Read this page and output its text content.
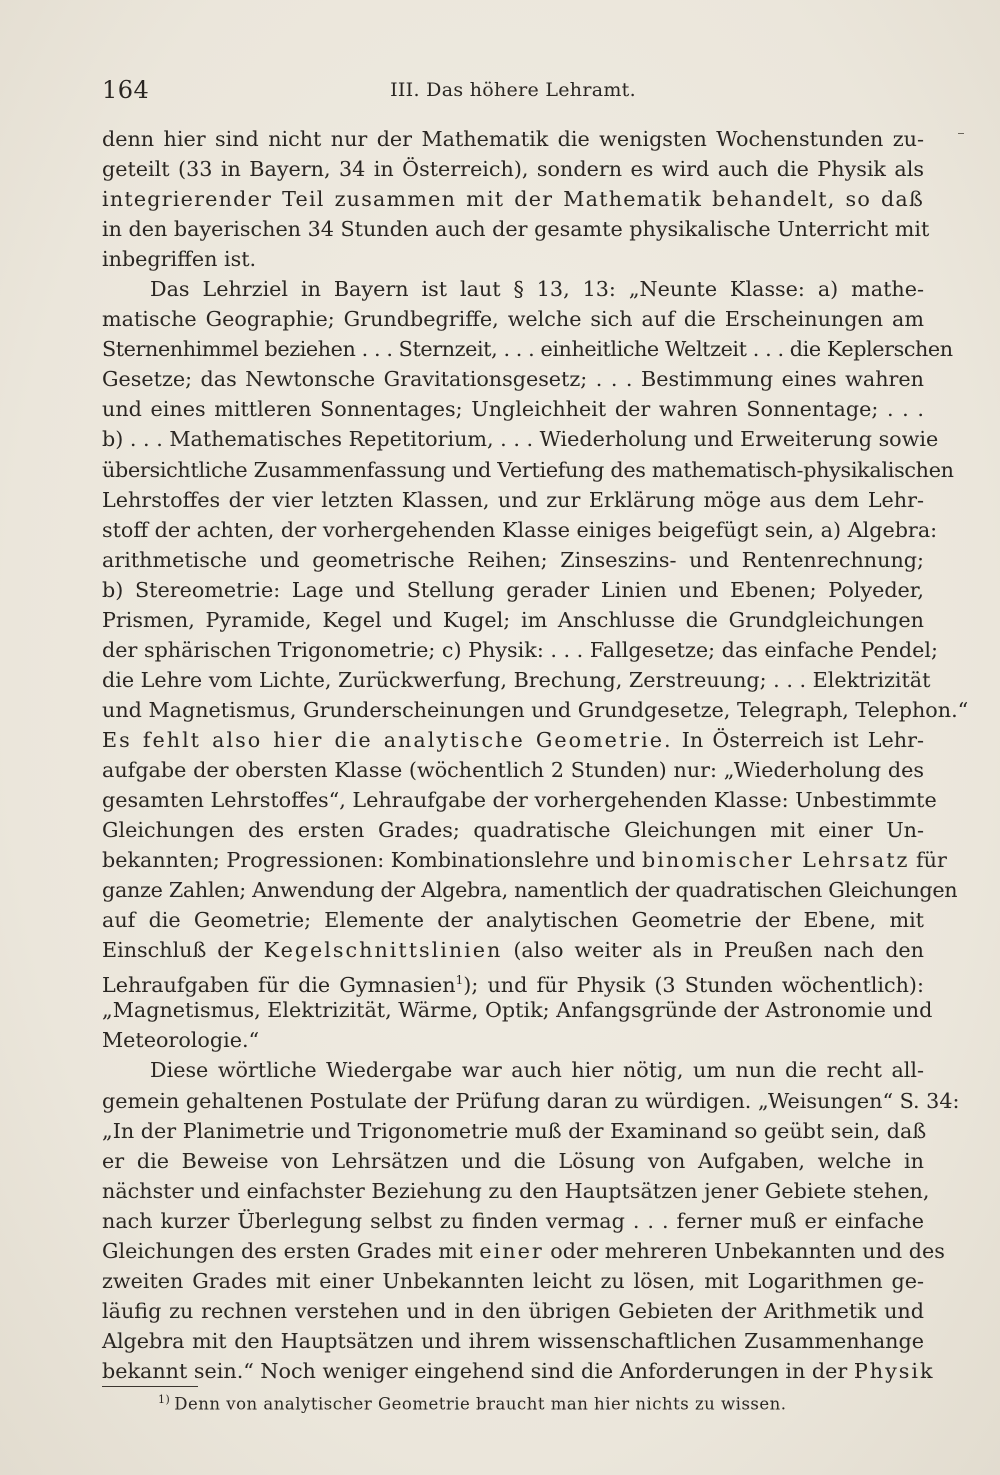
164	III. Das höhere Lehramt.
denn hier sind nicht nur der Mathematik die wenigsten Wochenstunden zu-
geteilt (33 in Bayern, 34 in Österreich), sondern es wird auch die Physik als
integrierender Teil zusammen mit der Mathematik behandelt, so daß
in den bayerischen 34 Stunden auch der gesamte physikalische Unterricht mit
inbegriffen ist.
Das Lehrziel in Bayern ist laut § 13, 13: „Neunte Klasse: a) mathe-
matische Geographie; Grundbegriffe, welche sich auf die Erscheinungen am
Sternenhimmel beziehen . . . Sternzeit, . . . einheitliche Weltzeit . . . die Keplerschen
Gesetze; das Newtonsche Gravitationsgesetz; . . . Bestimmung eines wahren
und eines mittleren Sonnentages; Ungleichheit der wahren Sonnentage; . . .
b) . . . Mathematisches Repetitorium, . . . Wiederholung und Erweiterung sowie
übersichtliche Zusammenfassung und Vertiefung des mathematisch-physikalischen
Lehrstoffes der vier letzten Klassen, und zur Erklärung möge aus dem Lehr-
stoff der achten, der vorhergehenden Klasse einiges beigefügt sein, a) Algebra:
arithmetische und geometrische Reihen; Zinseszins- und Rentenrechnung;
b) Stereometrie: Lage und Stellung gerader Linien und Ebenen; Polyeder,
Prismen, Pyramide, Kegel und Kugel; im Anschlusse die Grundgleichungen
der sphärischen Trigonometrie; c) Physik: . . . Fallgesetze; das einfache Pendel;
die Lehre vom Lichte, Zurückwerfung, Brechung, Zerstreuung; . . . Elektrizität
und Magnetismus, Grunderscheinungen und Grundgesetze, Telegraph, Telephon.“
Es fehlt also hier die analytische Geometrie. In Österreich ist Lehr-
aufgabe der obersten Klasse (wöchentlich 2 Stunden) nur: „Wiederholung des
gesamten Lehrstoffes“, Lehraufgabe der vorhergehenden Klasse: Unbestimmte
Gleichungen des ersten Grades; quadratische Gleichungen mit einer Un-
bekannten; Progressionen: Kombinationslehre und binomischer Lehrsatz für
ganze Zahlen; Anwendung der Algebra, namentlich der quadratischen Gleichungen
auf die Geometrie; Elemente der analytischen Geometrie der Ebene, mit
Einschluß der Kegelschnittslinien (also weiter als in Preußen nach den
Lehraufgaben für die Gymnasien$^1$); und für Physik (3 Stunden wöchentlich):
„Magnetismus, Elektrizität, Wärme, Optik; Anfangsgründe der Astronomie und
Meteorologie.“
Diese wörtliche Wiedergabe war auch hier nötig, um nun die recht all-
gemein gehaltenen Postulate der Prüfung daran zu würdigen. „Weisungen“ S. 34:
„In der Planimetrie und Trigonometrie muß der Examinand so geübt sein, daß
er die Beweise von Lehrsätzen und die Lösung von Aufgaben, welche in
nächster und einfachster Beziehung zu den Hauptsätzen jener Gebiete stehen,
nach kurzer Überlegung selbst zu finden vermag . . . ferner muß er einfache
Gleichungen des ersten Grades mit einer oder mehreren Unbekannten und des
zweiten Grades mit einer Unbekannten leicht zu lösen, mit Logarithmen ge-
läufig zu rechnen verstehen und in den übrigen Gebieten der Arithmetik und
Algebra mit den Hauptsätzen und ihrem wissenschaftlichen Zusammenhange
bekannt sein.“ Noch weniger eingehend sind die Anforderungen in der Physik
$^{1)}$ Denn von analytischer Geometrie braucht man hier nichts zu wissen.
